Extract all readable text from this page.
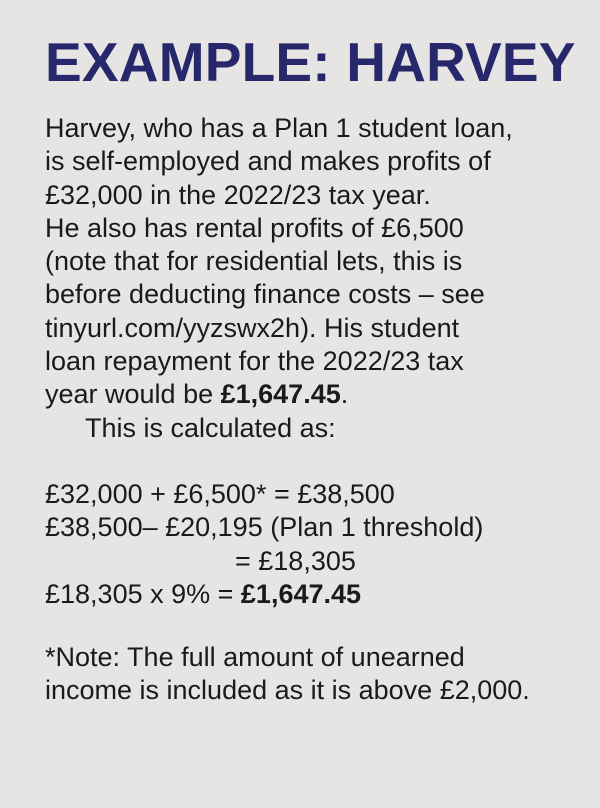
EXAMPLE: HARVEY
Harvey, who has a Plan 1 student loan,
is self-employed and makes profits of
£32,000 in the 2022/23 tax year.
He also has rental profits of £6,500
(note that for residential lets, this is
before deducting finance costs – see
tinyurl.com/yyzswx2h). His student
loan repayment for the 2022/23 tax
year would be £1,647.45.
This is calculated as:
£32,000 + £6,500* = £38,500
£38,500– £20,195 (Plan 1 threshold)
= £18,305
£18,305 x 9% = £1,647.45
*Note: The full amount of unearned
income is included as it is above £2,000.
